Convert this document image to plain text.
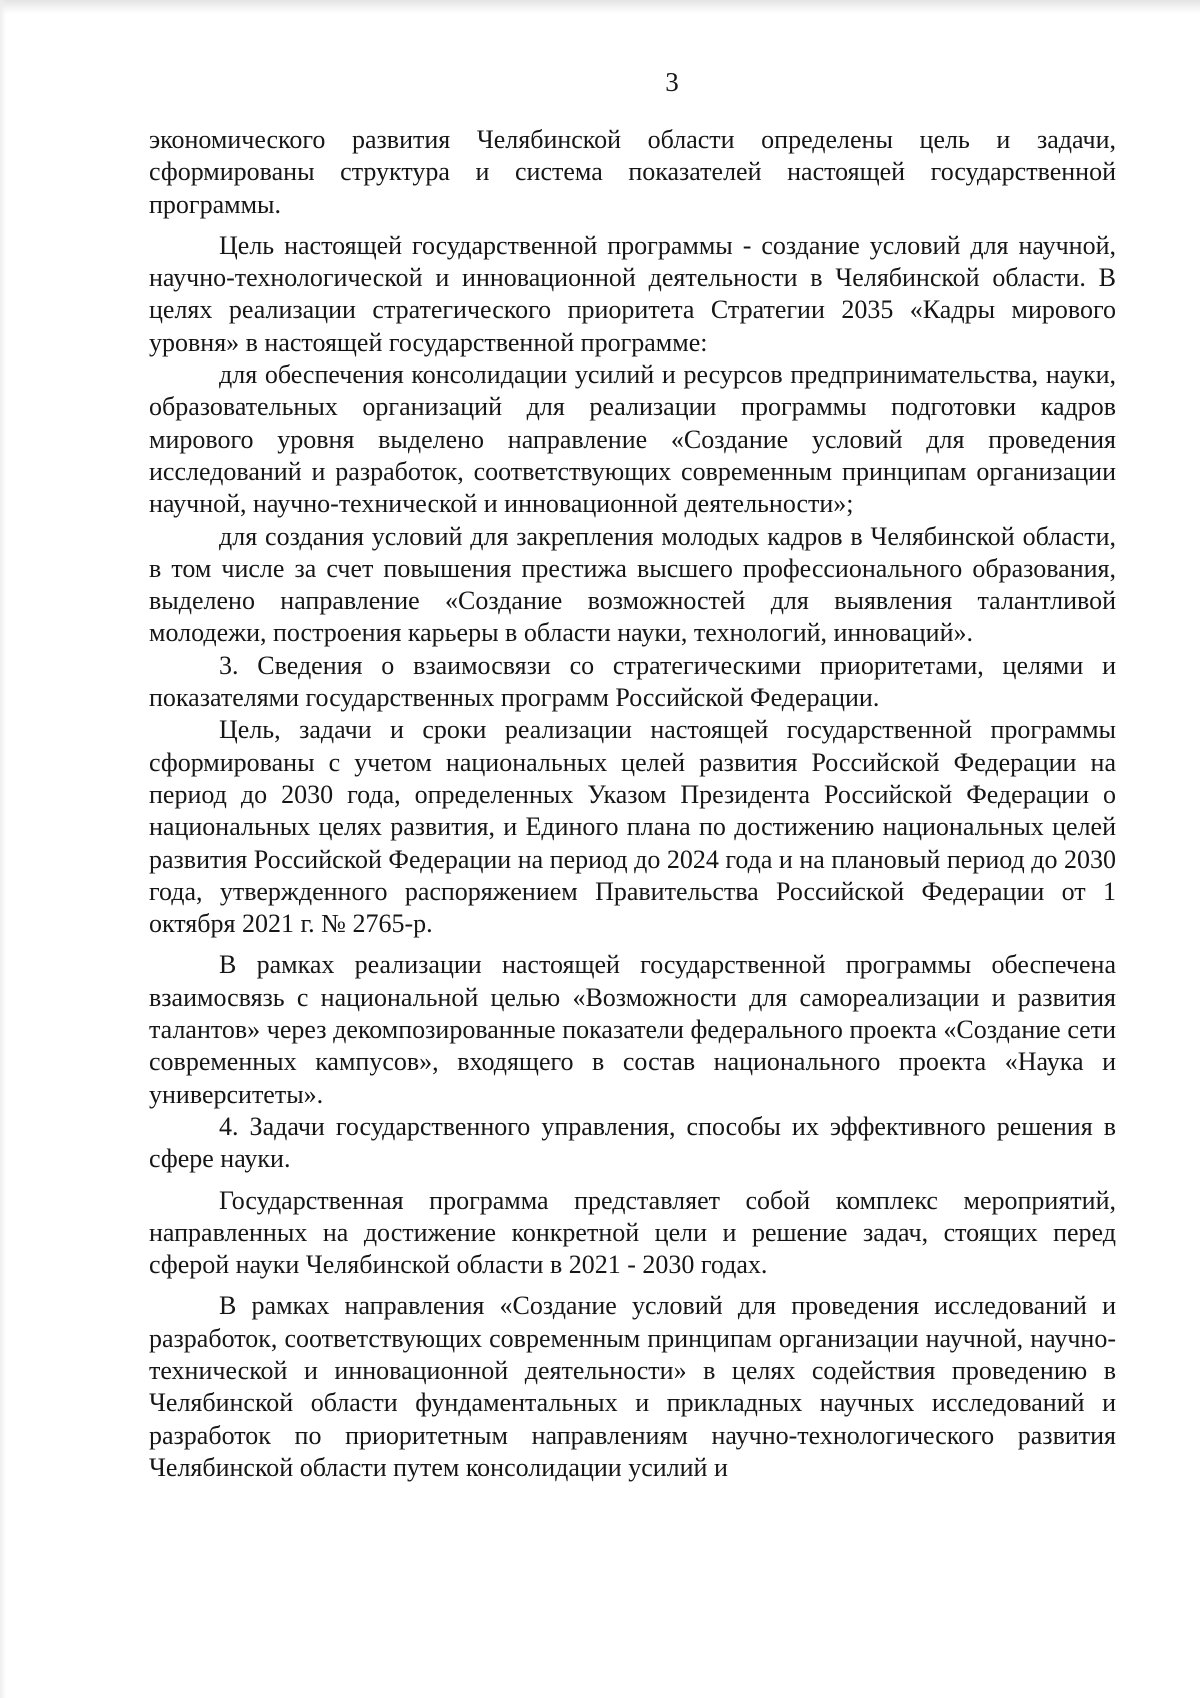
3

экономического развития Челябинской области определены цель и задачи, сформированы структура и система показателей настоящей государственной программы.

Цель настоящей государственной программы - создание условий для научной, научно-технологической и инновационной деятельности в Челябинской области. В целях реализации стратегического приоритета Стратегии 2035 «Кадры мирового уровня» в настоящей государственной программе:

для обеспечения консолидации усилий и ресурсов предпринимательства, науки, образовательных организаций для реализации программы подготовки кадров мирового уровня выделено направление «Создание условий для проведения исследований и разработок, соответствующих современным принципам организации научной, научно-технической и инновационной деятельности»;

для создания условий для закрепления молодых кадров в Челябинской области, в том числе за счет повышения престижа высшего профессионального образования, выделено направление «Создание возможностей для выявления талантливой молодежи, построения карьеры в области науки, технологий, инноваций».

3. Сведения о взаимосвязи со стратегическими приоритетами, целями и показателями государственных программ Российской Федерации.

Цель, задачи и сроки реализации настоящей государственной программы сформированы с учетом национальных целей развития Российской Федерации на период до 2030 года, определенных Указом Президента Российской Федерации о национальных целях развития, и Единого плана по достижению национальных целей развития Российской Федерации на период до 2024 года и на плановый период до 2030 года, утвержденного распоряжением Правительства Российской Федерации от 1 октября 2021 г. № 2765-р.

В рамках реализации настоящей государственной программы обеспечена взаимосвязь с национальной целью «Возможности для самореализации и развития талантов» через декомпозированные показатели федерального проекта «Создание сети современных кампусов», входящего в состав национального проекта «Наука и университеты».

4. Задачи государственного управления, способы их эффективного решения в сфере науки.

Государственная программа представляет собой комплекс мероприятий, направленных на достижение конкретной цели и решение задач, стоящих перед сферой науки Челябинской области в 2021 - 2030 годах.

В рамках направления «Создание условий для проведения исследований и разработок, соответствующих современным принципам организации научной, научно-технической и инновационной деятельности» в целях содействия проведению в Челябинской области фундаментальных и прикладных научных исследований и разработок по приоритетным направлениям научно-технологического развития Челябинской области путем консолидации усилий и
